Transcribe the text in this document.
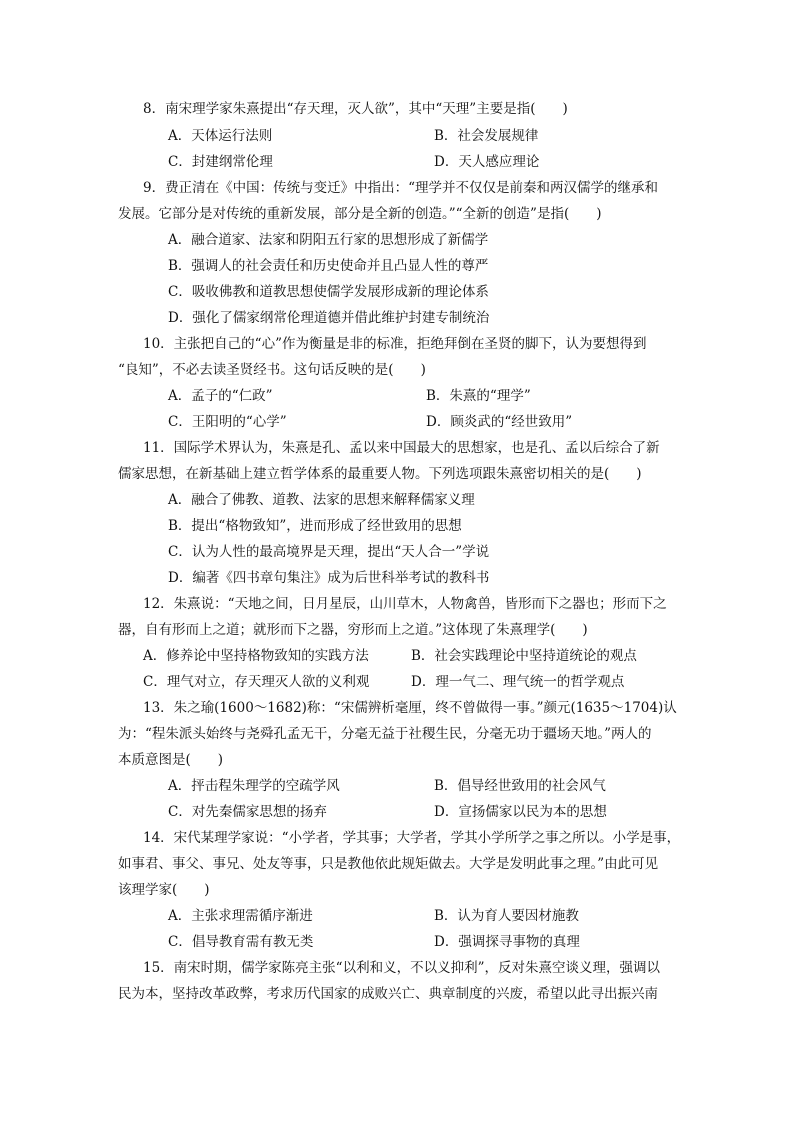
8．南宋理学家朱熹提出“存天理，灭人欲”，其中“天理”主要是指(　　)
A．天体运行法则	B．社会发展规律
C．封建纲常伦理	D．天人感应理论
9．费正清在《中国：传统与变迁》中指出：“理学并不仅仅是前秦和两汉儒学的继承和
发展。它部分是对传统的重新发展，部分是全新的创造。”“全新的创造”是指(　　)
A．融合道家、法家和阴阳五行家的思想形成了新儒学
B．强调人的社会责任和历史使命并且凸显人性的尊严
C．吸收佛教和道教思想使儒学发展形成新的理论体系
D．强化了儒家纲常伦理道德并借此维护封建专制统治
10．主张把自己的“心”作为衡量是非的标准，拒绝拜倒在圣贤的脚下，认为要想得到
“良知”，不必去读圣贤经书。这句话反映的是(　　)
A．孟子的“仁政”	B．朱熹的“理学”
C．王阳明的“心学”	D．顾炎武的“经世致用”
11．国际学术界认为，朱熹是孔、孟以来中国最大的思想家，也是孔、孟以后综合了新
儒家思想，在新基础上建立哲学体系的最重要人物。下列选项跟朱熹密切相关的是(　　)
A．融合了佛教、道教、法家的思想来解释儒家义理
B．提出“格物致知”，进而形成了经世致用的思想
C．认为人性的最高境界是天理，提出“天人合一”学说
D．编著《四书章句集注》成为后世科举考试的教科书
12．朱熹说：“天地之间，日月星辰，山川草木，人物禽兽，皆形而下之器也；形而下之
器，自有形而上之道；就形而下之器，穷形而上之道。”这体现了朱熹理学(　　)
A．修养论中坚持格物致知的实践方法	B．社会实践理论中坚持道统论的观点
C．理气对立，存天理灭人欲的义利观	D．理一气二、理气统一的哲学观点
13．朱之瑜(1600～1682)称：“宋儒辨析毫厘，终不曾做得一事。”颜元(1635～1704)认
为：“程朱派头始终与尧舜孔孟无干，分毫无益于社稷生民，分毫无功于疆场天地。”两人的
本质意图是(　　)
A．抨击程朱理学的空疏学风	B．倡导经世致用的社会风气
C．对先秦儒家思想的扬弃	D．宣扬儒家以民为本的思想
14．宋代某理学家说：“小学者，学其事；大学者，学其小学所学之事之所以。小学是事，
如事君、事父、事兄、处友等事，只是教他依此规矩做去。大学是发明此事之理。”由此可见
该理学家(　　)
A．主张求理需循序渐进	B．认为育人要因材施教
C．倡导教育需有教无类	D．强调探寻事物的真理
15．南宋时期，儒学家陈亮主张“以利和义，不以义抑利”，反对朱熹空谈义理，强调以
民为本，坚持改革政弊，考求历代国家的成败兴亡、典章制度的兴废，希望以此寻出振兴南
